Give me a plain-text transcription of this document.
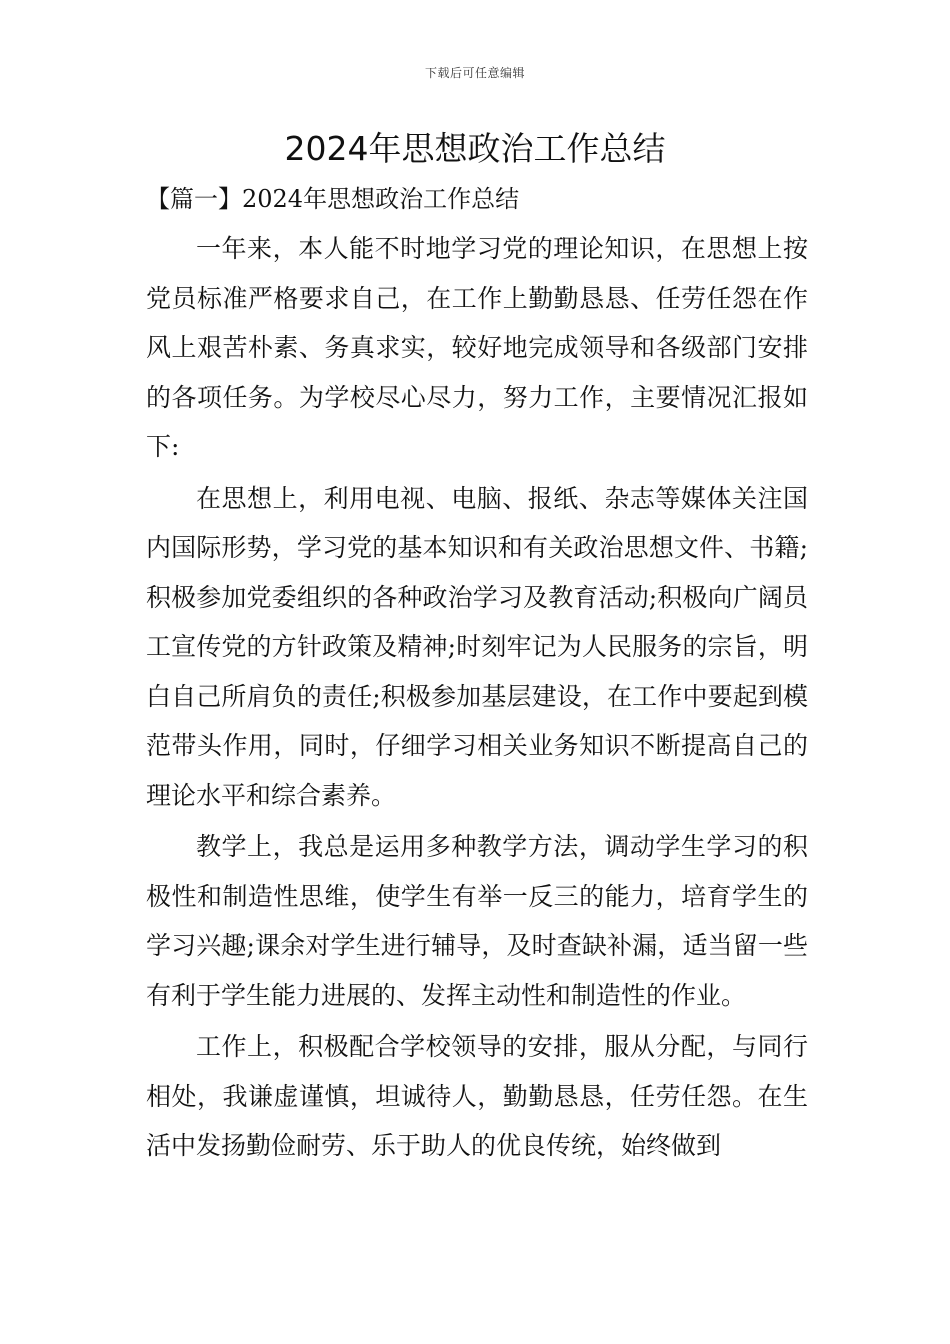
下载后可任意编辑
2024年思想政治工作总结
【篇一】2024年思想政治工作总结

一年来，本人能不时地学习党的理论知识，在思想上按党员标准严格要求自己，在工作上勤勤恳恳、任劳任怨在作风上艰苦朴素、务真求实，较好地完成领导和各级部门安排的各项任务。为学校尽心尽力，努力工作，主要情况汇报如下:

在思想上，利用电视、电脑、报纸、杂志等媒体关注国内国际形势，学习党的基本知识和有关政治思想文件、书籍;积极参加党委组织的各种政治学习及教育活动;积极向广阔员工宣传党的方针政策及精神;时刻牢记为人民服务的宗旨，明白自己所肩负的责任;积极参加基层建设，在工作中要起到模范带头作用，同时，仔细学习相关业务知识不断提高自己的理论水平和综合素养。

教学上，我总是运用多种教学方法，调动学生学习的积极性和制造性思维，使学生有举一反三的能力，培育学生的学习兴趣;课余对学生进行辅导，及时查缺补漏，适当留一些有利于学生能力进展的、发挥主动性和制造性的作业。

工作上，积极配合学校领导的安排，服从分配，与同行相处，我谦虚谨慎，坦诚待人，勤勤恳恳，任劳任怨。在生活中发扬勤俭耐劳、乐于助人的优良传统，始终做到
